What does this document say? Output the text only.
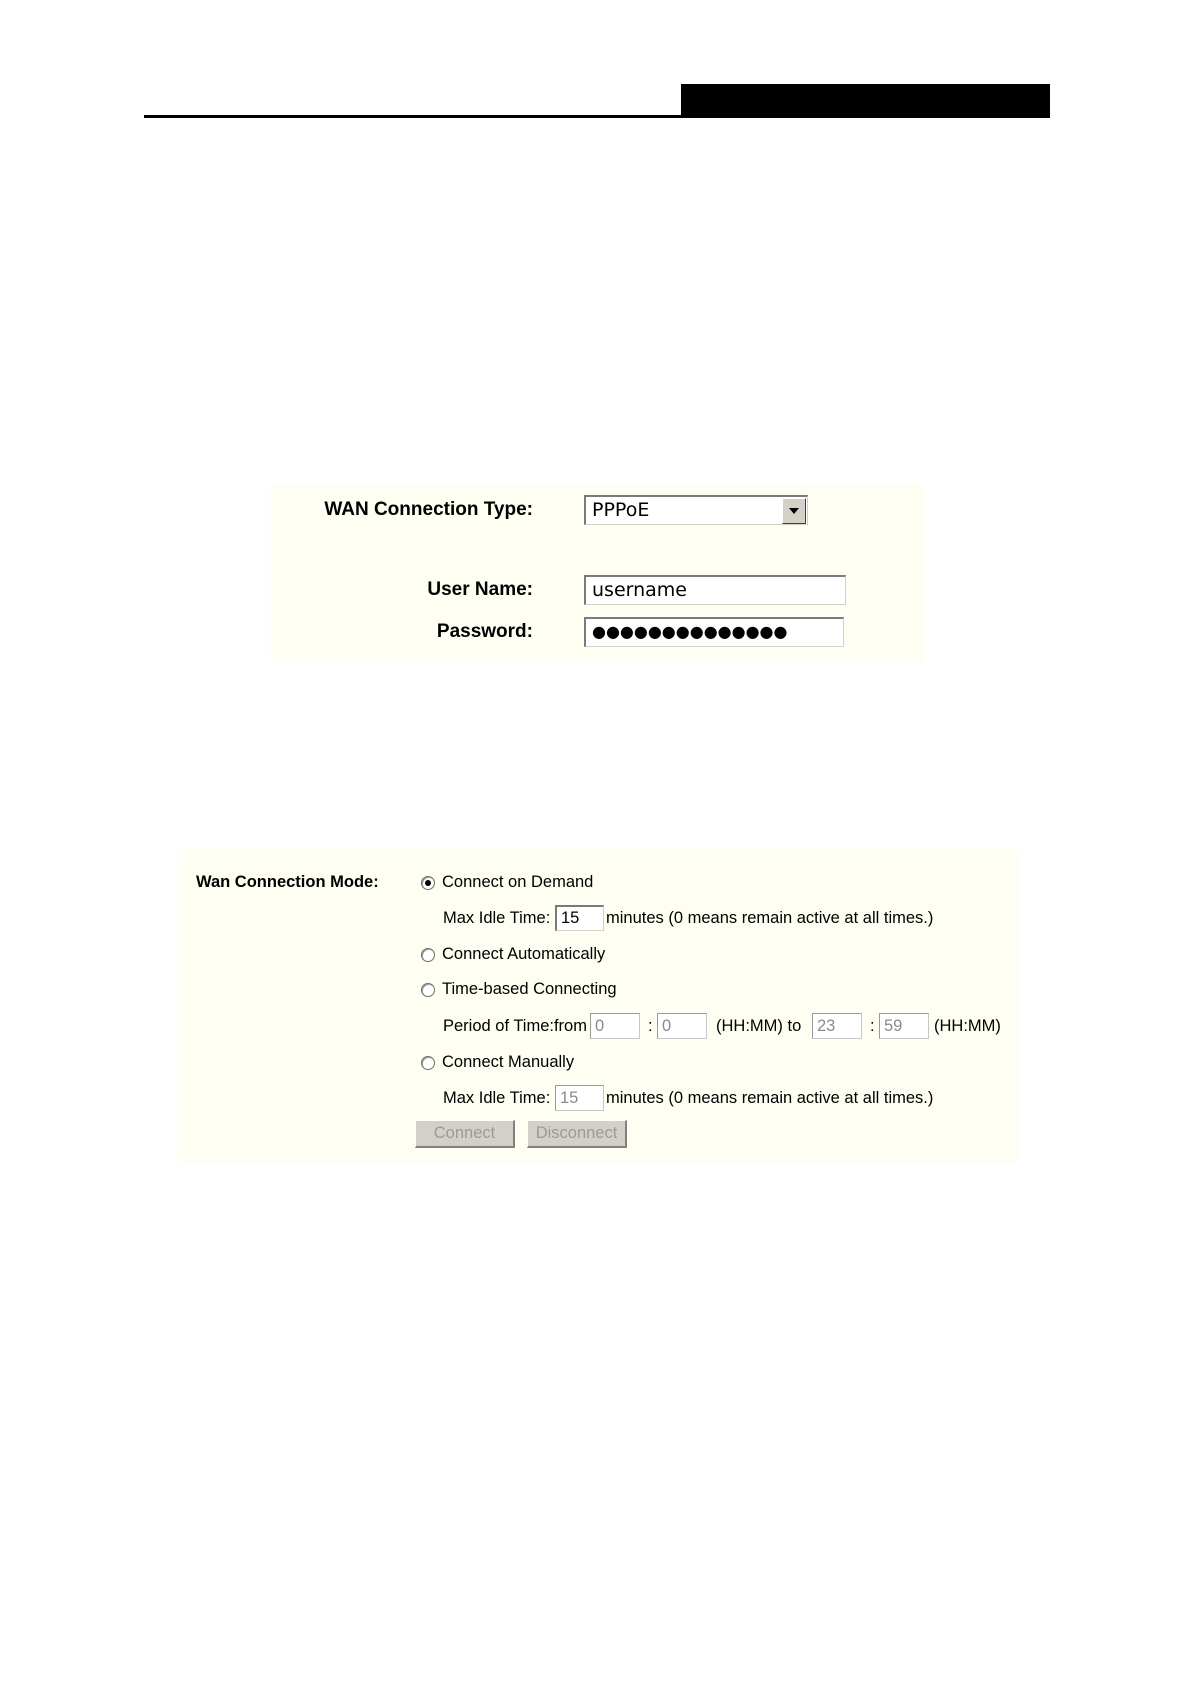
WAN Connection Type:	PPPoE
User Name:	username
Password:	●●●●●●●●●●●●●●
Wan Connection Mode:	Connect on Demand
Max Idle Time: 15	minutes (0 means remain active at all times.)
Connect Automatically
Time-based Connecting
Period of Time:from 0	: 0	(HH:MM) to 23	: 59	(HH:MM)
Connect Manually
Max Idle Time: 15	minutes (0 means remain active at all times.)
Connect	Disconnect
